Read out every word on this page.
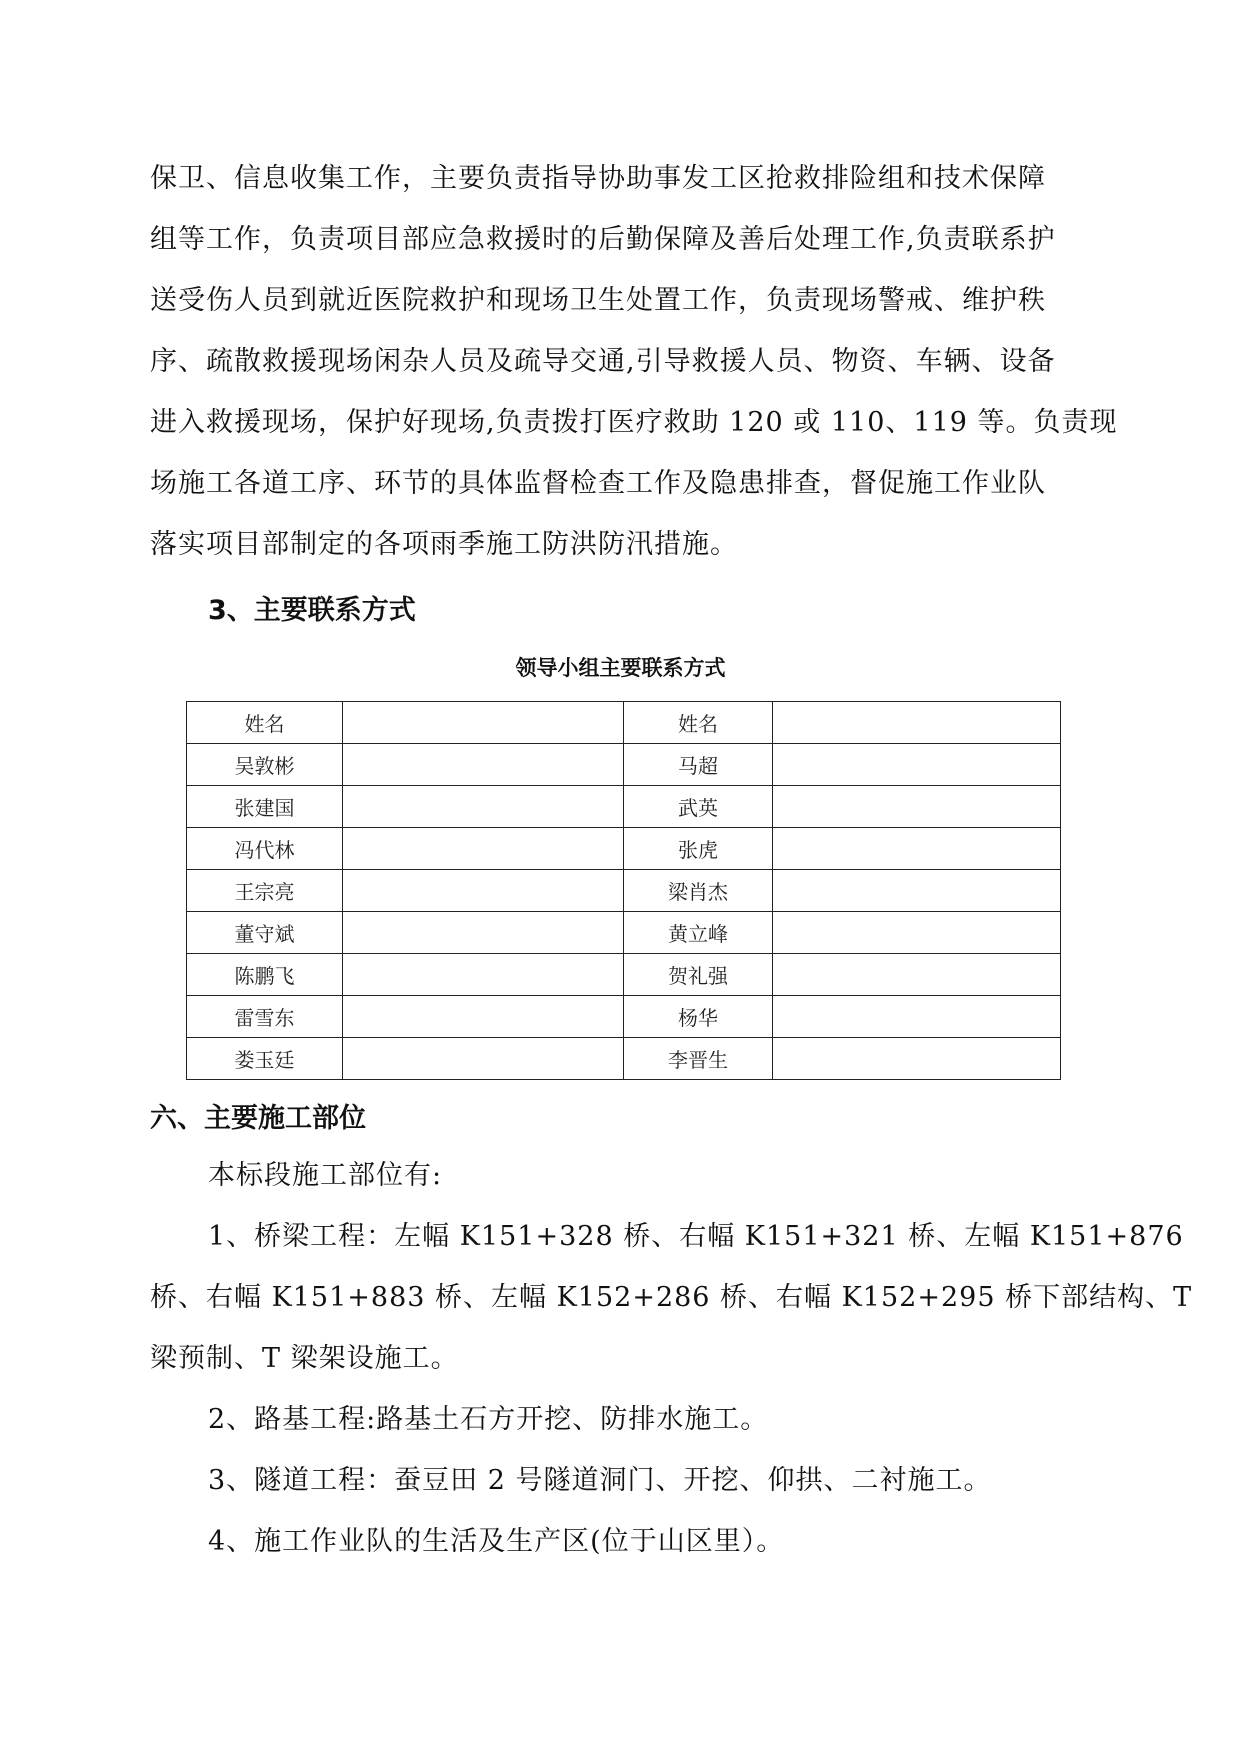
保卫、信息收集工作，主要负责指导协助事发工区抢救排险组和技术保障
组等工作，负责项目部应急救援时的后勤保障及善后处理工作,负责联系护
送受伤人员到就近医院救护和现场卫生处置工作，负责现场警戒、维护秩
序、疏散救援现场闲杂人员及疏导交通,引导救援人员、物资、车辆、设备
进入救援现场，保护好现场,负责拨打医疗救助 120 或 110、119 等。负责现
场施工各道工序、环节的具体监督检查工作及隐患排查，督促施工作业队
落实项目部制定的各项雨季施工防洪防汛措施。

3、主要联系方式

领导小组主要联系方式

姓名		姓名	
吴敦彬		马超	
张建国		武英	
冯代林		张虎	
王宗亮		梁肖杰	
董守斌		黄立峰	
陈鹏飞		贺礼强	
雷雪东		杨华	
娄玉廷		李晋生	
六、主要施工部位

本标段施工部位有:
1、桥梁工程：左幅 K151+328 桥、右幅 K151+321 桥、左幅 K151+876
桥、右幅 K151+883 桥、左幅 K152+286 桥、右幅 K152+295 桥下部结构、T
梁预制、T 梁架设施工。
2、路基工程:路基土石方开挖、防排水施工。
3、隧道工程：蚕豆田 2 号隧道洞门、开挖、仰拱、二衬施工。
4、施工作业队的生活及生产区(位于山区里）。
